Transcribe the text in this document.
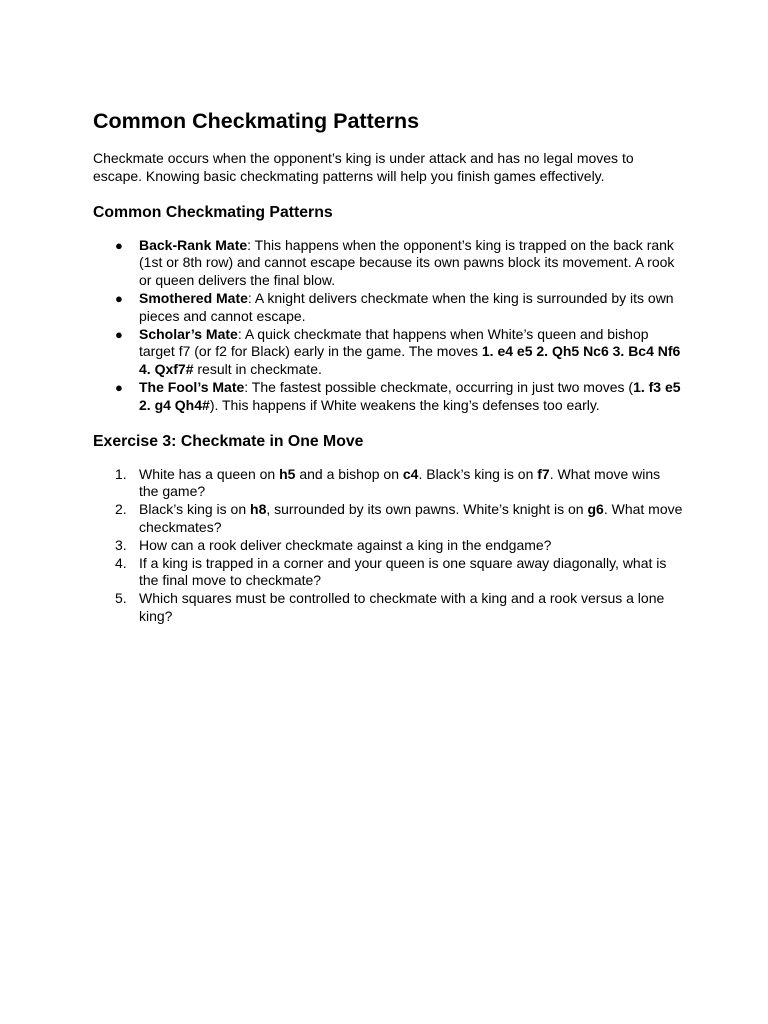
Common Checkmating Patterns

Checkmate occurs when the opponent’s king is under attack and has no legal moves to escape. Knowing basic checkmating patterns will help you finish games effectively.

Common Checkmating Patterns
● Back-Rank Mate: This happens when the opponent’s king is trapped on the back rank (1st or 8th row) and cannot escape because its own pawns block its movement. A rook or queen delivers the final blow.
● Smothered Mate: A knight delivers checkmate when the king is surrounded by its own pieces and cannot escape.
● Scholar’s Mate: A quick checkmate that happens when White’s queen and bishop target f7 (or f2 for Black) early in the game. The moves 1. e4 e5 2. Qh5 Nc6 3. Bc4 Nf6 4. Qxf7# result in checkmate.
● The Fool’s Mate: The fastest possible checkmate, occurring in just two moves (1. f3 e5 2. g4 Qh4#). This happens if White weakens the king’s defenses too early.
Exercise 3: Checkmate in One Move
1. White has a queen on h5 and a bishop on c4. Black’s king is on f7. What move wins the game?
2. Black’s king is on h8, surrounded by its own pawns. White’s knight is on g6. What move checkmates?
3. How can a rook deliver checkmate against a king in the endgame?
4. If a king is trapped in a corner and your queen is one square away diagonally, what is the final move to checkmate?
5. Which squares must be controlled to checkmate with a king and a rook versus a lone king?
